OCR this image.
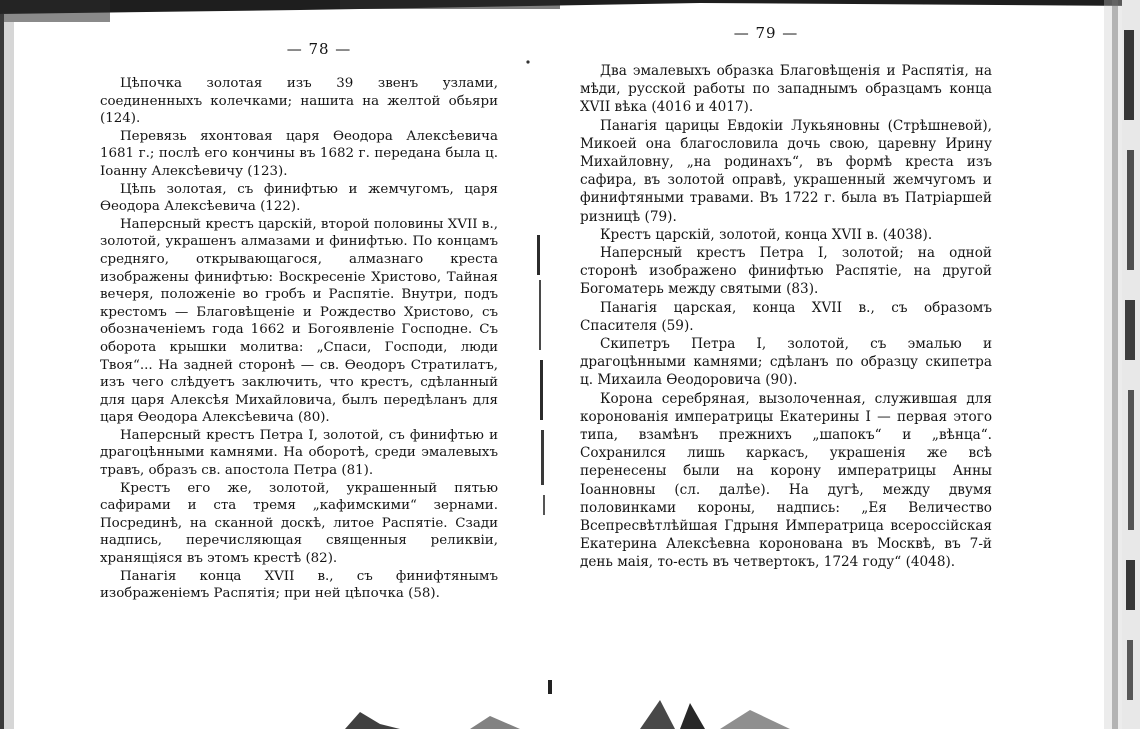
— 78 —

Цѣпочка золотая изъ 39 звенъ узлами, соединенныхъ колечками; нашита на желтой обьяри (124).

Перевязь яхонтовая царя Ѳеодора Алексѣевича 1681 г.; послѣ его кончины въ 1682 г. передана была ц. Іоанну Алексѣевичу (123).

Цѣпь золотая, съ финифтью и жемчугомъ, царя Ѳеодора Алексѣевича (122).

Наперсный крестъ царскій, второй половины XVII в., золотой, украшенъ алмазами и финифтью. По концамъ средняго, открывающагося, алмазнаго креста изображены финифтью: Воскресеніе Христово, Тайная вечеря, положеніе во гробъ и Распятіе. Внутри, подъ крестомъ — Благовѣщеніе и Рождество Христово, съ обозначеніемъ года 1662 и Богоявленіе Господне. Съ оборота крышки молитва: „Спаси, Господи, люди Твоя“... На задней сторонѣ — св. Ѳеодоръ Стратилатъ, изъ чего слѣдуетъ заключить, что крестъ, сдѣланный для царя Алексѣя Михайловича, былъ передѣланъ для царя Ѳеодора Алексѣевича (80).

Наперсный крестъ Петра I, золотой, съ финифтью и драгоцѣнными камнями. На оборотѣ, среди эмалевыхъ травъ, образъ св. апостола Петра (81).

Крестъ его же, золотой, украшенный пятью сафирами и ста тремя „кафимскими“ зернами. Посрединѣ, на сканной доскѣ, литое Распятіе. Сзади надпись, перечисляющая священныя реликвіи, хранящіяся въ этомъ крестѣ (82).

Панагія конца XVII в., съ финифтянымъ изображеніемъ Распятія; при ней цѣпочка (58).

— 79 —

Два эмалевыхъ образка Благовѣщенія и Распятія, на мѣди, русской работы по западнымъ образцамъ конца XVII вѣка (4016 и 4017).

Панагія царицы Евдокіи Лукьяновны (Стрѣшневой), Микоей она благословила дочь свою, царевну Ирину Михайловну, „на родинахъ“, въ формѣ креста изъ сафира, въ золотой оправѣ, украшенный жемчугомъ и финифтяными травами. Въ 1722 г. была въ Патріаршей ризницѣ (79).

Крестъ царскій, золотой, конца XVII в. (4038).

Наперсный крестъ Петра I, золотой; на одной сторонѣ изображено финифтью Распятіе, на другой Богоматерь между святыми (83).

Панагія царская, конца XVII в., съ образомъ Спасителя (59).

Скипетръ Петра I, золотой, съ эмалью и драгоцѣнными камнями; сдѣланъ по образцу скипетра ц. Михаила Ѳеодоровича (90).

Корона серебряная, вызолоченная, служившая для коронованія императрицы Екатерины I — первая этого типа, взамѣнъ прежнихъ „шапокъ“ и „вѣнца“. Сохранился лишь каркасъ, украшенія же всѣ перенесены были на корону императрицы Анны Іоанновны (сл. далѣе). На дугѣ, между двумя половинками короны, надпись: „Ея Величество Всепресвѣтлѣйшая Гдрыня Императрица всероссійская Екатерина Алексѣевна коронована въ Москвѣ, въ 7-й день маія, то-есть въ четвертокъ, 1724 году“ (4048).
